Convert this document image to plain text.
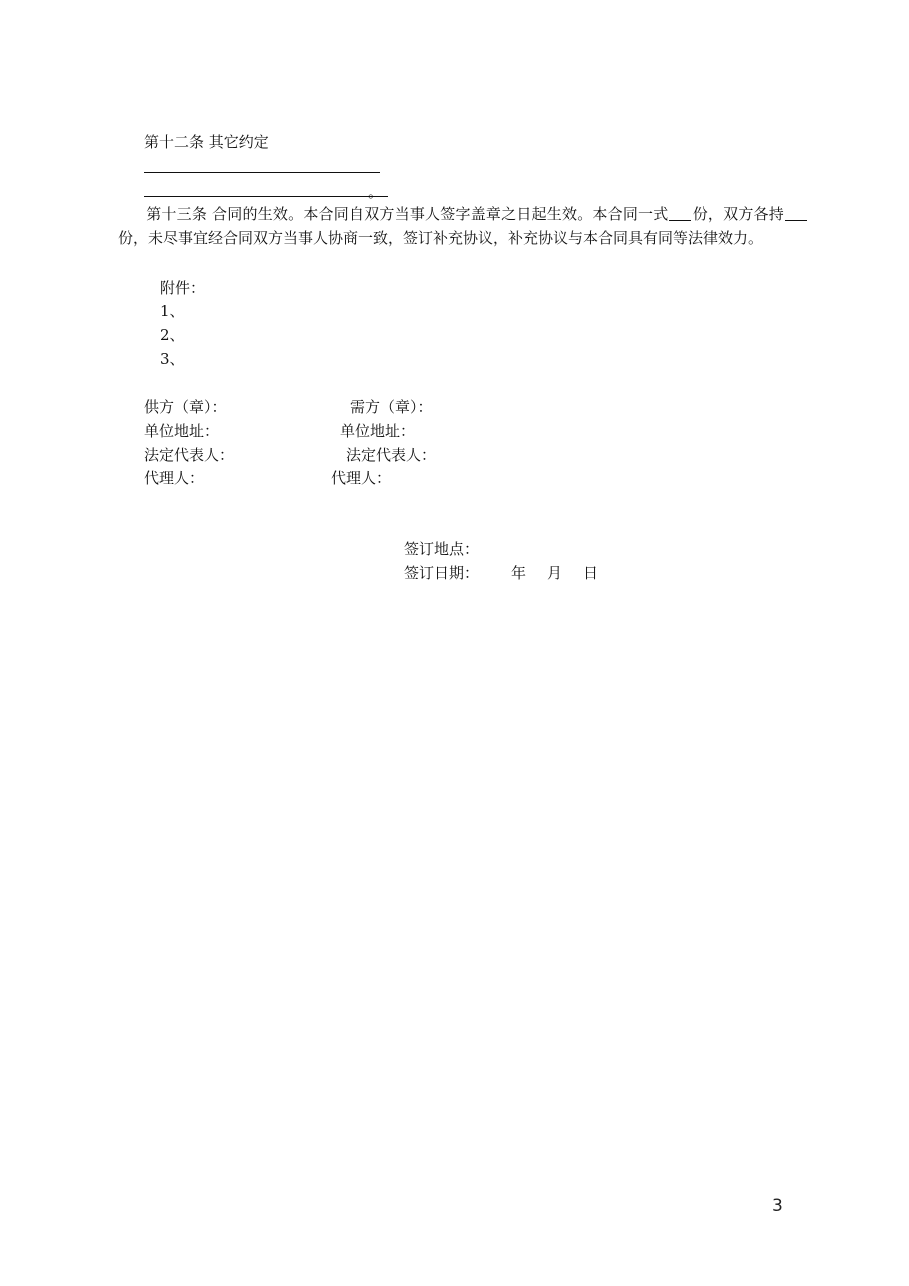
第十二条 其它约定
。
第十三条 合同的生效。本合同自双方当事人签字盖章之日起生效。本合同一式 份，双方各持份，未尽事宜经合同双方当事人协商一致，签订补充协议，补充协议与本合同具有同等法律效力。
附件：
1、
2、
3、
供方（章）：
单位地址：
法定代表人：
代理人：
需方（章）：
单位地址：
法定代表人：
代理人：
签订地点：
签订日期： 年 月 日
3
